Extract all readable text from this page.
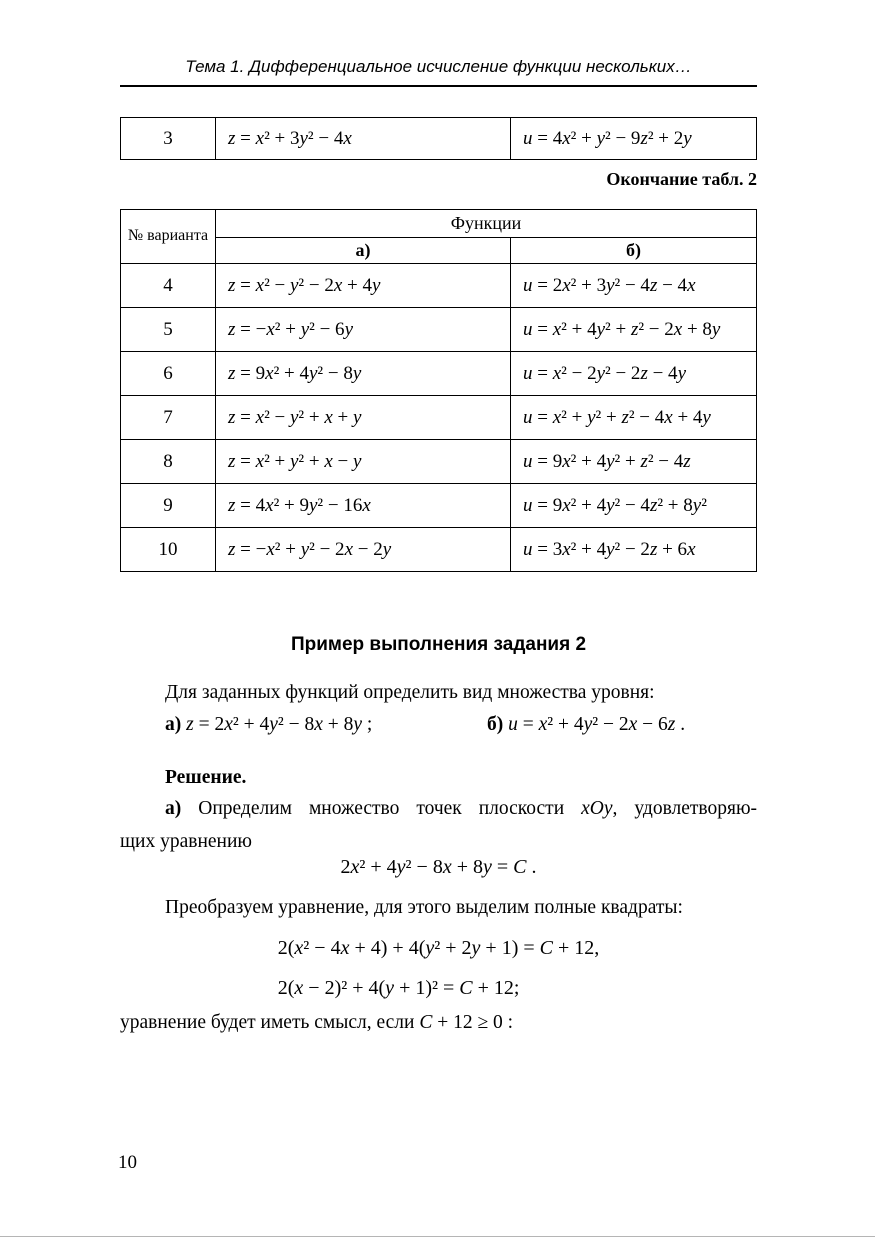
Тема 1. Дифференциальное исчисление функции нескольких…
3	z = x² + 3y² − 4x	u = 4x² + y² − 9z² + 2y
Окончание табл. 2
№ варианта	Функции	
	а)	б)
4	z = x² − y² − 2x + 4y	u = 2x² + 3y² − 4z − 4x
5	z = −x² + y² − 6y	u = x² + 4y² + z² − 2x + 8y
6	z = 9x² + 4y² − 8y	u = x² − 2y² − 2z − 4y
7	z = x² − y² + x + y	u = x² + y² + z² − 4x + 4y
8	z = x² + y² + x − y	u = 9x² + 4y² + z² − 4z
9	z = 4x² + 9y² − 16x	u = 9x² + 4y² − 4z² + 8y²
10	z = −x² + y² − 2x − 2y	u = 3x² + 4y² − 2z + 6x
Пример выполнения задания 2
Для заданных функций определить вид множества уровня:
а) z = 2x² + 4y² − 8x + 8y ;	б) u = x² + 4y² − 2x − 6z .
Решение.
а) Определим множество точек плоскости xOy, удовлетворяю-
щих уравнению
2x² + 4y² − 8x + 8y = C .
Преобразуем уравнение, для этого выделим полные квадраты:
2(x² − 4x + 4) + 4(y² + 2y + 1) = C + 12,
2(x − 2)² + 4(y + 1)² = C + 12;
уравнение будет иметь смысл, если C + 12 ≥ 0 :
10
